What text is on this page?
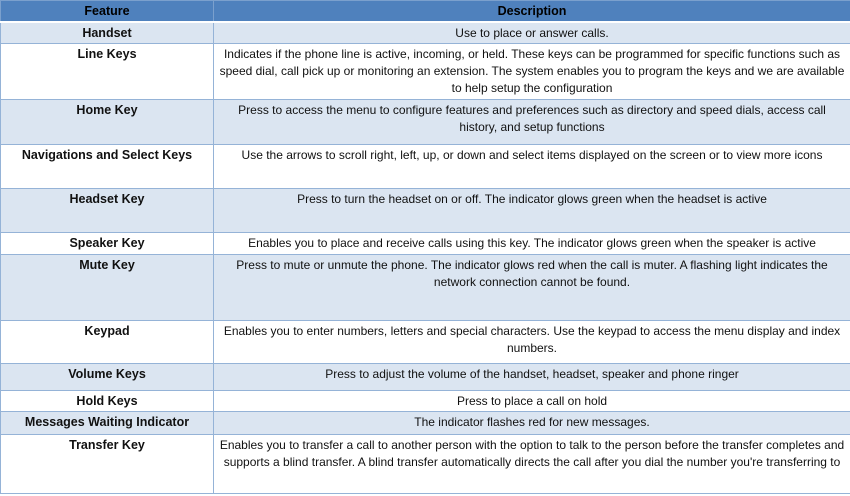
Feature	Description
Handset	Use to place or answer calls.
Line Keys	Indicates if the phone line is active, incoming, or held. These keys can be programmed for specific functions such as speed dial, call pick up or monitoring an extension. The system enables you to program the keys and we are available to help setup the configuration
Home Key	Press to access the menu to configure features and preferences such as directory and speed dials, access call history, and setup functions
Navigations and Select Keys	Use the arrows to scroll right, left, up, or down and select items displayed on the screen or to view more icons
Headset Key	Press to turn the headset on or off. The indicator glows green when the headset is active
Speaker Key	Enables you to place and receive calls using this key. The indicator glows green when the speaker is active
Mute Key	Press to mute or unmute the phone. The indicator glows red when the call is muter. A flashing light indicates the network connection cannot be found.
Keypad	Enables you to enter numbers, letters and special characters. Use the keypad to access the menu display and index numbers.
Volume Keys	Press to adjust the volume of the handset, headset, speaker and phone ringer
Hold Keys	Press to place a call on hold
Messages Waiting Indicator	The indicator flashes red for new messages.
Transfer Key	Enables you to transfer a call to another person with the option to talk to the person before the transfer completes and supports a blind transfer. A blind transfer automatically directs the call after you dial the number you're transferring to
